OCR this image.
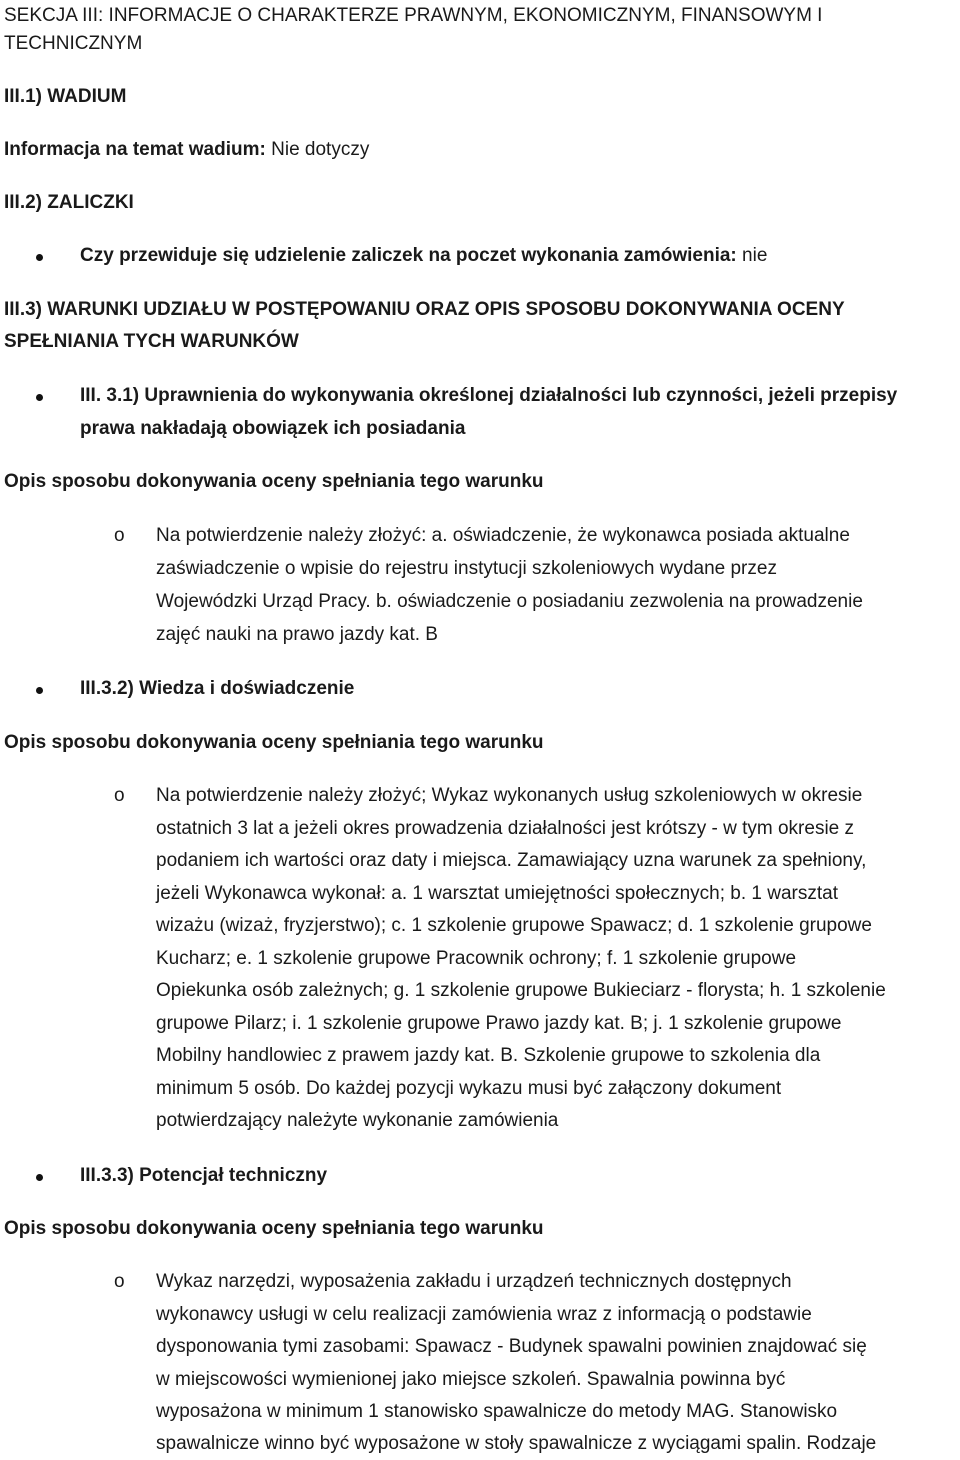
SEKCJA III: INFORMACJE O CHARAKTERZE PRAWNYM, EKONOMICZNYM, FINANSOWYM I
TECHNICZNYM
III.1) WADIUM
Informacja na temat wadium: Nie dotyczy
III.2) ZALICZKI
Czy przewiduje się udzielenie zaliczek na poczet wykonania zamówienia: nie
III.3) WARUNKI UDZIAŁU W POSTĘPOWANIU ORAZ OPIS SPOSOBU DOKONYWANIA OCENY
SPEŁNIANIA TYCH WARUNKÓW
III. 3.1) Uprawnienia do wykonywania określonej działalności lub czynności, jeżeli przepisy
prawa nakładają obowiązek ich posiadania
Opis sposobu dokonywania oceny spełniania tego warunku
o Na potwierdzenie należy złożyć: a. oświadczenie, że wykonawca posiada aktualne
zaświadczenie o wpisie do rejestru instytucji szkoleniowych wydane przez
Wojewódzki Urząd Pracy. b. oświadczenie o posiadaniu zezwolenia na prowadzenie
zajęć nauki na prawo jazdy kat. B
III.3.2) Wiedza i doświadczenie
Opis sposobu dokonywania oceny spełniania tego warunku
o Na potwierdzenie należy złożyć; Wykaz wykonanych usług szkoleniowych w okresie
ostatnich 3 lat a jeżeli okres prowadzenia działalności jest krótszy - w tym okresie z
podaniem ich wartości oraz daty i miejsca. Zamawiający uzna warunek za spełniony,
jeżeli Wykonawca wykonał: a. 1 warsztat umiejętności społecznych; b. 1 warsztat
wizażu (wizaż, fryzjerstwo); c. 1 szkolenie grupowe Spawacz; d. 1 szkolenie grupowe
Kucharz; e. 1 szkolenie grupowe Pracownik ochrony; f. 1 szkolenie grupowe
Opiekunka osób zależnych; g. 1 szkolenie grupowe Bukieciarz - florysta; h. 1 szkolenie
grupowe Pilarz; i. 1 szkolenie grupowe Prawo jazdy kat. B; j. 1 szkolenie grupowe
Mobilny handlowiec z prawem jazdy kat. B. Szkolenie grupowe to szkolenia dla
minimum 5 osób. Do każdej pozycji wykazu musi być załączony dokument
potwierdzający należyte wykonanie zamówienia
III.3.3) Potencjał techniczny
Opis sposobu dokonywania oceny spełniania tego warunku
o Wykaz narzędzi, wyposażenia zakładu i urządzeń technicznych dostępnych
wykonawcy usługi w celu realizacji zamówienia wraz z informacją o podstawie
dysponowania tymi zasobami: Spawacz - Budynek spawalni powinien znajdować się
w miejscowości wymienionej jako miejsce szkoleń. Spawalnia powinna być
wyposażona w minimum 1 stanowisko spawalnicze do metody MAG. Stanowisko
spawalnicze winno być wyposażone w stoły spawalnicze z wyciągami spalin. Rodzaje
